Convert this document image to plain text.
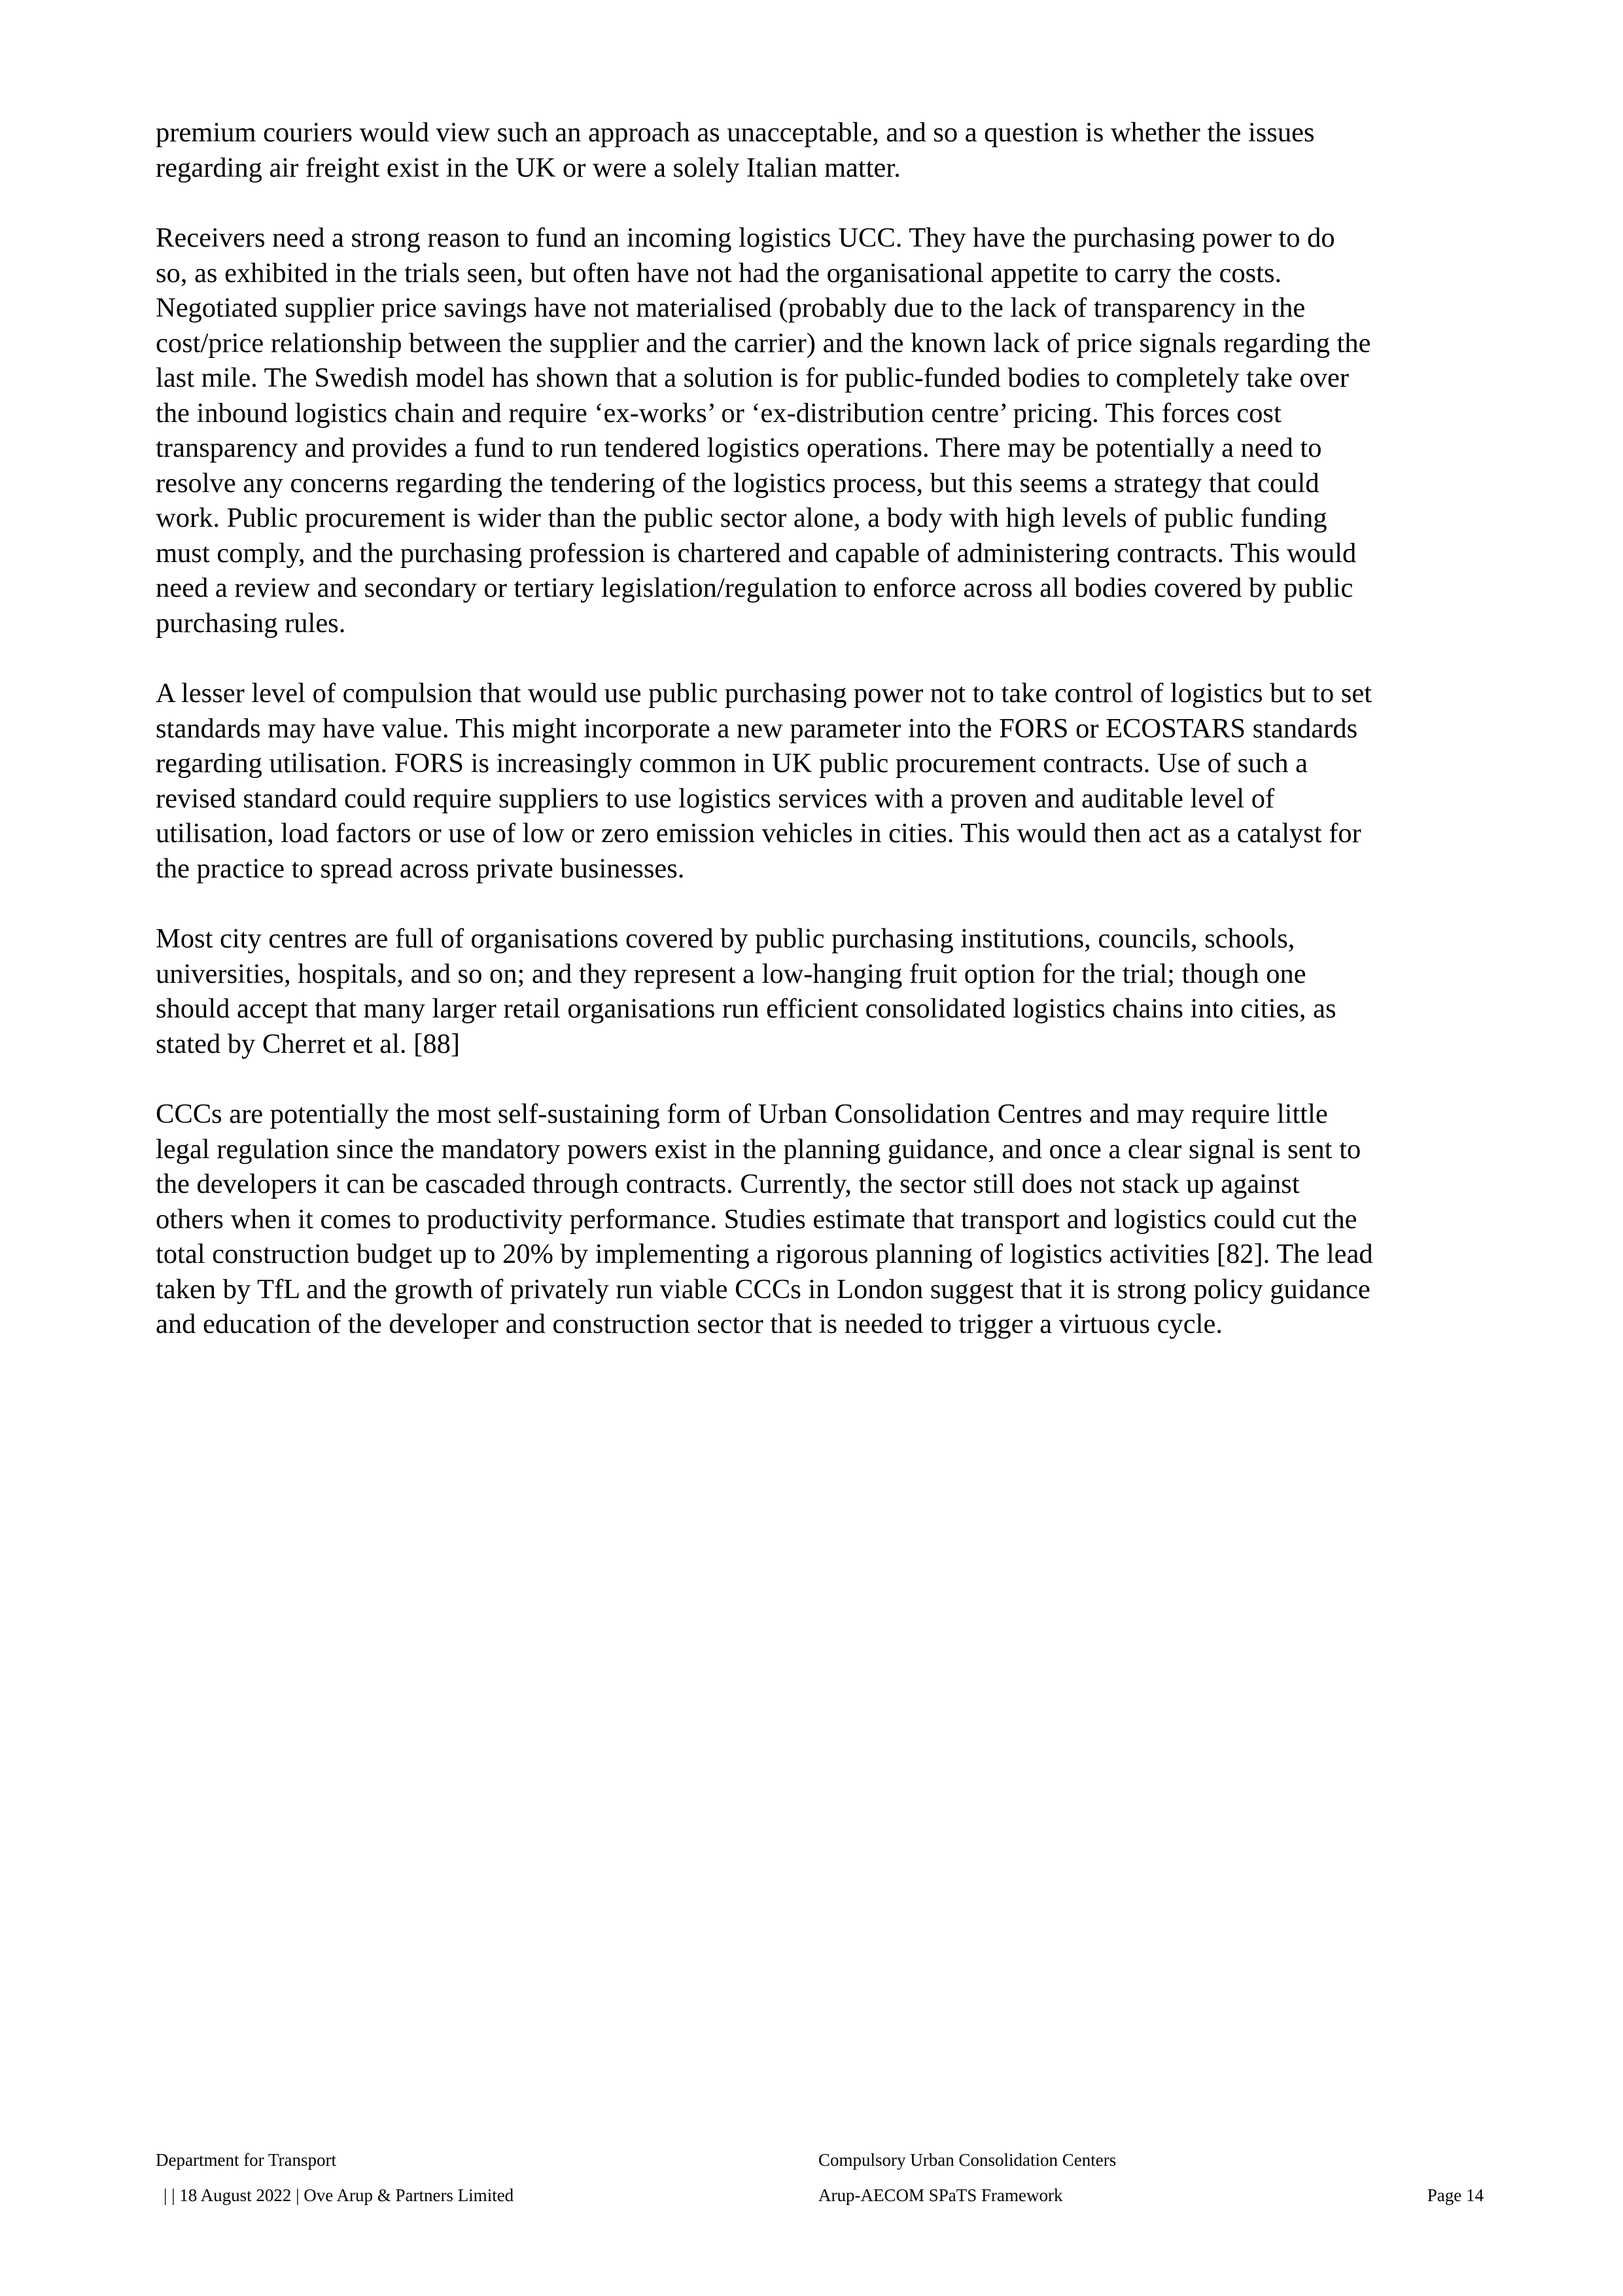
premium couriers would view such an approach as unacceptable, and so a question is whether the issues
regarding air freight exist in the UK or were a solely Italian matter.

Receivers need a strong reason to fund an incoming logistics UCC. They have the purchasing power to do
so, as exhibited in the trials seen, but often have not had the organisational appetite to carry the costs.
Negotiated supplier price savings have not materialised (probably due to the lack of transparency in the
cost/price relationship between the supplier and the carrier) and the known lack of price signals regarding the
last mile. The Swedish model has shown that a solution is for public-funded bodies to completely take over
the inbound logistics chain and require ‘ex-works’ or ‘ex-distribution centre’ pricing. This forces cost
transparency and provides a fund to run tendered logistics operations. There may be potentially a need to
resolve any concerns regarding the tendering of the logistics process, but this seems a strategy that could
work. Public procurement is wider than the public sector alone, a body with high levels of public funding
must comply, and the purchasing profession is chartered and capable of administering contracts. This would
need a review and secondary or tertiary legislation/regulation to enforce across all bodies covered by public
purchasing rules.

A lesser level of compulsion that would use public purchasing power not to take control of logistics but to set
standards may have value. This might incorporate a new parameter into the FORS or ECOSTARS standards
regarding utilisation. FORS is increasingly common in UK public procurement contracts. Use of such a
revised standard could require suppliers to use logistics services with a proven and auditable level of
utilisation, load factors or use of low or zero emission vehicles in cities. This would then act as a catalyst for
the practice to spread across private businesses.

Most city centres are full of organisations covered by public purchasing institutions, councils, schools,
universities, hospitals, and so on; and they represent a low-hanging fruit option for the trial; though one
should accept that many larger retail organisations run efficient consolidated logistics chains into cities, as
stated by Cherret et al. [88]

CCCs are potentially the most self-sustaining form of Urban Consolidation Centres and may require little
legal regulation since the mandatory powers exist in the planning guidance, and once a clear signal is sent to
the developers it can be cascaded through contracts. Currently, the sector still does not stack up against
others when it comes to productivity performance. Studies estimate that transport and logistics could cut the
total construction budget up to 20% by implementing a rigorous planning of logistics activities [82]. The lead
taken by TfL and the growth of privately run viable CCCs in London suggest that it is strong policy guidance
and education of the developer and construction sector that is needed to trigger a virtuous cycle.

Department for Transport
| | 18 August 2022 | Ove Arup & Partners Limited
Compulsory Urban Consolidation Centers
Arup-AECOM SPaTS Framework	Page 14
